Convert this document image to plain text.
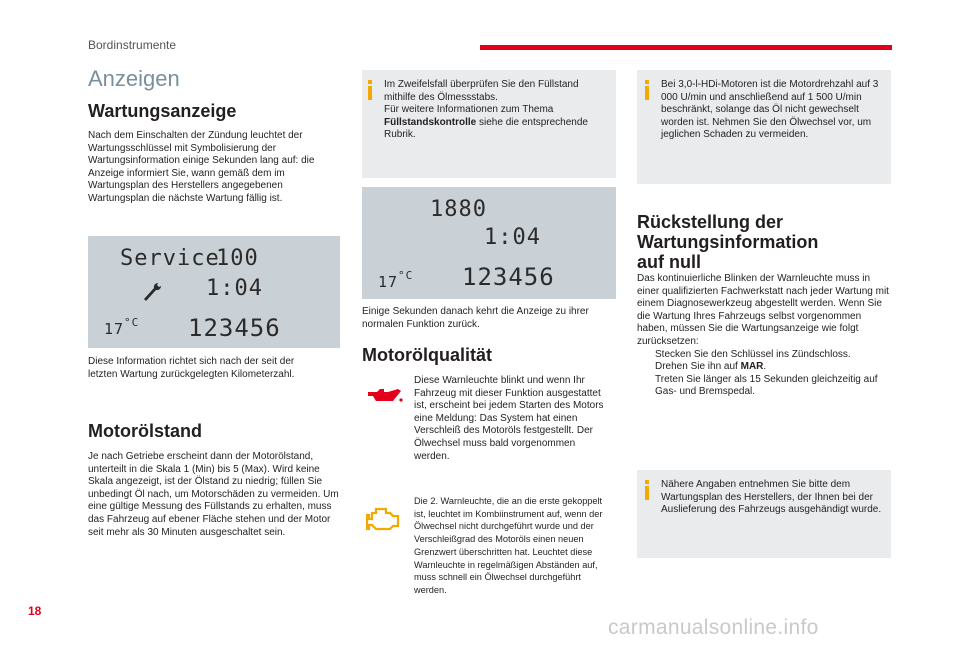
Bordinstrumente
Anzeigen
Wartungsanzeige
Nach dem Einschalten der Zündung leuchtet der Wartungsschlüssel mit Symbolisierung der Wartungsinformation einige Sekunden lang auf: die Anzeige informiert Sie, wann gemäß dem im Wartungsplan des Herstellers angegebenen Wartungsplan die nächste Wartung fällig ist.
Service
100
1:04
17 °C 123456
Diese Information richtet sich nach der seit der letzten Wartung zurückgelegten Kilometerzahl.
Motorölstand
Je nach Getriebe erscheint dann der Motorölstand, unterteilt in die Skala 1 (Min) bis 5 (Max). Wird keine Skala angezeigt, ist der Ölstand zu niedrig; füllen Sie unbedingt Öl nach, um Motorschäden zu vermeiden. Um eine gültige Messung des Füllstands zu erhalten, muss das Fahrzeug auf ebener Fläche stehen und der Motor seit mehr als 30 Minuten ausgeschaltet sein.
Im Zweifelsfall überprüfen Sie den Füllstand mithilfe des Ölmessstabs.
Für weitere Informationen zum Thema
Füllstandskontrolle siehe die entsprechende Rubrik.
1880
1:04
17 °C 123456
Einige Sekunden danach kehrt die Anzeige zu ihrer normalen Funktion zurück.
Motorölqualität
Diese Warnleuchte blinkt und wenn Ihr Fahrzeug mit dieser Funktion ausgestattet ist, erscheint bei jedem Starten des Motors eine Meldung: Das System hat einen Verschleiß des Motoröls festgestellt. Der Ölwechsel muss bald vorgenommen werden.
Die 2. Warnleuchte, die an die erste gekoppelt ist, leuchtet im Kombiinstrument auf, wenn der Ölwechsel nicht durchgeführt wurde und der Verschleißgrad des Motoröls einen neuen Grenzwert überschritten hat. Leuchtet diese Warnleuchte in regelmäßigen Abständen auf, muss schnell ein Ölwechsel durchgeführt werden.
Bei 3,0-l-HDi-Motoren ist die Motordrehzahl auf 3 000 U/min und anschließend auf 1 500 U/min beschränkt, solange das Öl nicht gewechselt worden ist. Nehmen Sie den Ölwechsel vor, um jeglichen Schaden zu vermeiden.
Rückstellung der
Wartungsinformation
auf null
Das kontinuierliche Blinken der Warnleuchte muss in einer qualifizierten Fachwerkstatt nach jeder Wartung mit einem Diagnosewerkzeug abgestellt werden. Wenn Sie die Wartung Ihres Fahrzeugs selbst vorgenommen haben, müssen Sie die Wartungsanzeige wie folgt zurücksetzen:
Stecken Sie den Schlüssel ins Zündschloss.
Drehen Sie ihn auf MAR.
Treten Sie länger als 15 Sekunden gleichzeitig auf Gas- und Bremspedal.
Nähere Angaben entnehmen Sie bitte dem Wartungsplan des Herstellers, der Ihnen bei der Auslieferung des Fahrzeugs ausgehändigt wurde.
18
carmanualsonline.info
